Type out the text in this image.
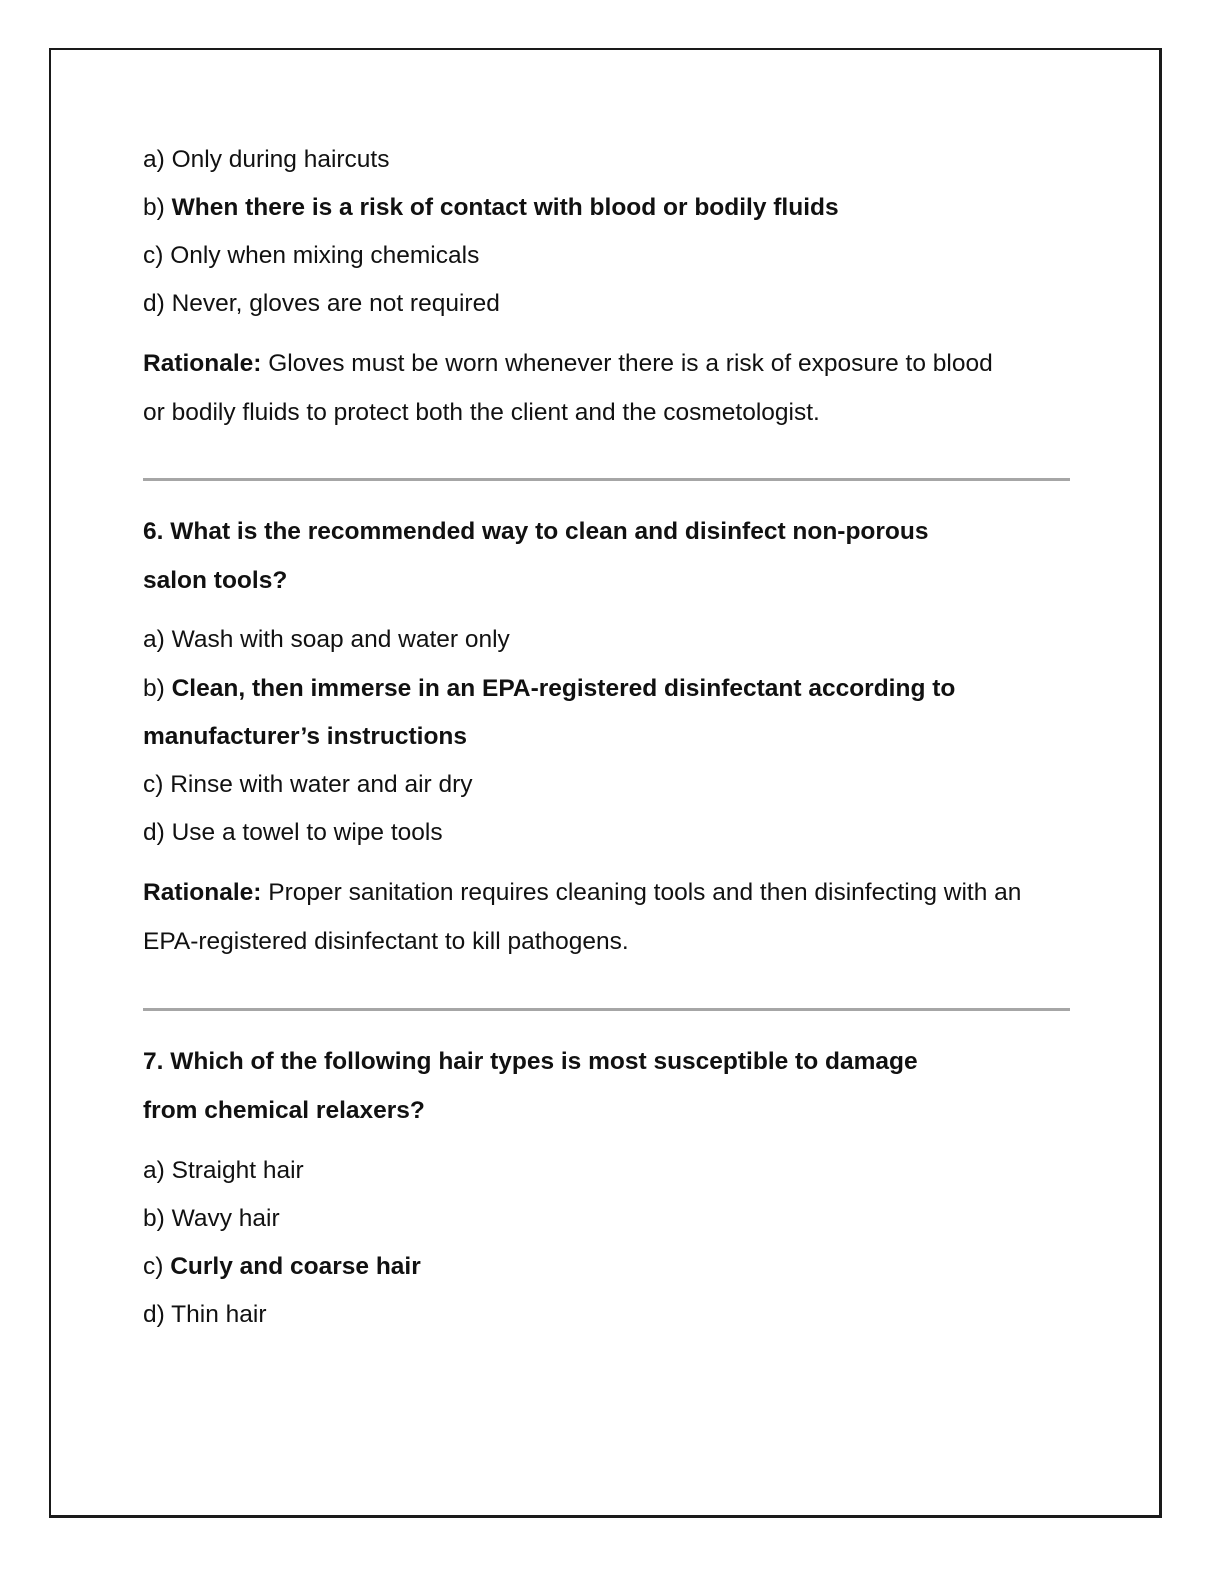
a) Only during haircuts
b) When there is a risk of contact with blood or bodily fluids
c) Only when mixing chemicals
d) Never, gloves are not required
Rationale: Gloves must be worn whenever there is a risk of exposure to blood
or bodily fluids to protect both the client and the cosmetologist.
6. What is the recommended way to clean and disinfect non-porous
salon tools?
a) Wash with soap and water only
b) Clean, then immerse in an EPA-registered disinfectant according to
manufacturer’s instructions
c) Rinse with water and air dry
d) Use a towel to wipe tools
Rationale: Proper sanitation requires cleaning tools and then disinfecting with an
EPA-registered disinfectant to kill pathogens.
7. Which of the following hair types is most susceptible to damage
from chemical relaxers?
a) Straight hair
b) Wavy hair
c) Curly and coarse hair
d) Thin hair
